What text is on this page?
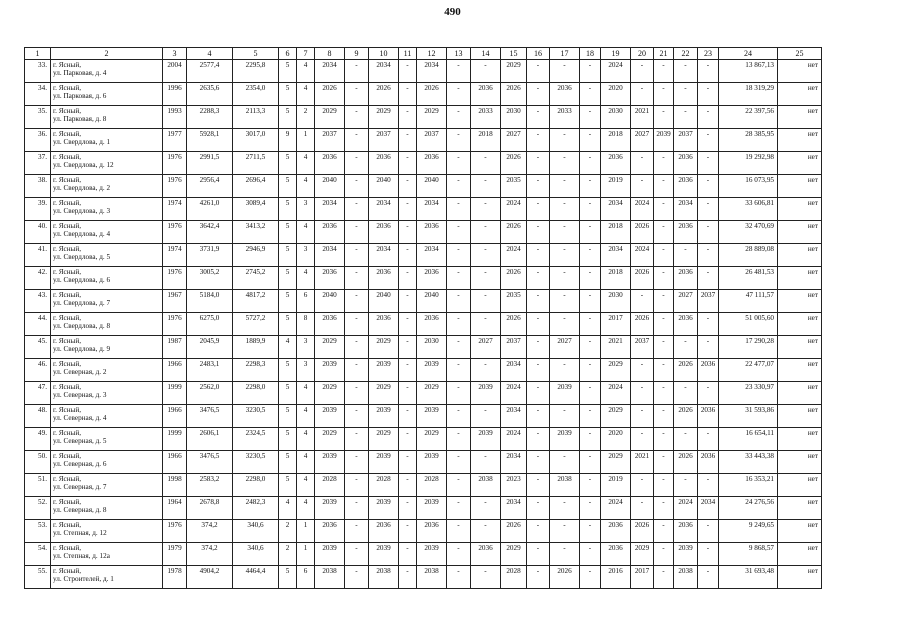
490
1	2	3	4	5	6	7	8	9	10	11	12	13	14	15	16	17	18	19	20	21	22	23	24	25
33.	г. Ясный,
ул. Парковая, д. 4	2004	2577,4	2295,8	5	4	2034	-	2034	-	2034	-	-	2029	-	-	-	2024	-	-	-	-	13 867,13	нет
34.	г. Ясный,
ул. Парковая, д. 6	1996	2635,6	2354,0	5	4	2026	-	2026	-	2026	-	2036	2026	-	2036	-	2020	-	-	-	-	18 319,29	нет
35.	г. Ясный,
ул. Парковая, д. 8	1993	2288,3	2113,3	5	2	2029	-	2029	-	2029	-	2033	2030	-	2033	-	2030	2021	-	-	-	22 397,56	нет
36.	г. Ясный,
ул. Свердлова, д. 1	1977	5928,1	3017,0	9	1	2037	-	2037	-	2037	-	2018	2027	-	-	-	2018	2027	2039	2037	-	28 385,95	нет
37.	г. Ясный,
ул. Свердлова, д. 12	1976	2991,5	2711,5	5	4	2036	-	2036	-	2036	-	-	2026	-	-	-	2036	-	-	2036	-	19 292,98	нет
38.	г. Ясный,
ул. Свердлова, д. 2	1976	2956,4	2696,4	5	4	2040	-	2040	-	2040	-	-	2035	-	-	-	2019	-	-	2036	-	16 073,95	нет
39.	г. Ясный,
ул. Свердлова, д. 3	1974	4261,0	3089,4	5	3	2034	-	2034	-	2034	-	-	2024	-	-	-	2034	2024	-	2034	-	33 606,81	нет
40.	г. Ясный,
ул. Свердлова, д. 4	1976	3642,4	3413,2	5	4	2036	-	2036	-	2036	-	-	2026	-	-	-	2018	2026	-	2036	-	32 470,69	нет
41.	г. Ясный,
ул. Свердлова, д. 5	1974	3731,9	2946,9	5	3	2034	-	2034	-	2034	-	-	2024	-	-	-	2034	2024	-	-	-	28 889,08	нет
42.	г. Ясный,
ул. Свердлова, д. 6	1976	3005,2	2745,2	5	4	2036	-	2036	-	2036	-	-	2026	-	-	-	2018	2026	-	2036	-	26 481,53	нет
43.	г. Ясный,
ул. Свердлова, д. 7	1967	5184,0	4817,2	5	6	2040	-	2040	-	2040	-	-	2035	-	-	-	2030	-	-	2027	2037	47 111,57	нет
44.	г. Ясный,
ул. Свердлова, д. 8	1976	6275,0	5727,2	5	8	2036	-	2036	-	2036	-	-	2026	-	-	-	2017	2026	-	2036	-	51 005,60	нет
45.	г. Ясный,
ул. Свердлова, д. 9	1987	2045,9	1889,9	4	3	2029	-	2029	-	2030	-	2027	2037	-	2027	-	2021	2037	-	-	-	17 290,28	нет
46.	г. Ясный,
ул. Северная, д. 2	1966	2483,1	2298,3	5	3	2039	-	2039	-	2039	-	-	2034	-	-	-	2029	-	-	2026	2036	22 477,07	нет
47.	г. Ясный,
ул. Северная, д. 3	1999	2562,0	2298,0	5	4	2029	-	2029	-	2029	-	2039	2024	-	2039	-	2024	-	-	-	-	23 330,97	нет
48.	г. Ясный,
ул. Северная, д. 4	1966	3476,5	3230,5	5	4	2039	-	2039	-	2039	-	-	2034	-	-	-	2029	-	-	2026	2036	31 593,86	нет
49.	г. Ясный,
ул. Северная, д. 5	1999	2606,1	2324,5	5	4	2029	-	2029	-	2029	-	2039	2024	-	2039	-	2020	-	-	-	-	16 654,11	нет
50.	г. Ясный,
ул. Северная, д. 6	1966	3476,5	3230,5	5	4	2039	-	2039	-	2039	-	-	2034	-	-	-	2029	2021	-	2026	2036	33 443,38	нет
51.	г. Ясный,
ул. Северная, д. 7	1998	2583,2	2298,0	5	4	2028	-	2028	-	2028	-	2038	2023	-	2038	-	2019	-	-	-	-	16 353,21	нет
52.	г. Ясный,
ул. Северная, д. 8	1964	2678,8	2482,3	4	4	2039	-	2039	-	2039	-	-	2034	-	-	-	2024	-	-	2024	2034	24 276,56	нет
53.	г. Ясный,
ул. Степная, д. 12	1976	374,2	340,6	2	1	2036	-	2036	-	2036	-	-	2026	-	-	-	2036	2026	-	2036	-	9 249,65	нет
54.	г. Ясный,
ул. Степная, д. 12а	1979	374,2	340,6	2	1	2039	-	2039	-	2039	-	2036	2029	-	-	-	2036	2029	-	2039	-	9 868,57	нет
55.	г. Ясный,
ул. Строителей, д. 1	1978	4904,2	4464,4	5	6	2038	-	2038	-	2038	-	-	2028	-	2026	-	2016	2017	-	2038	-	31 693,48	нет
